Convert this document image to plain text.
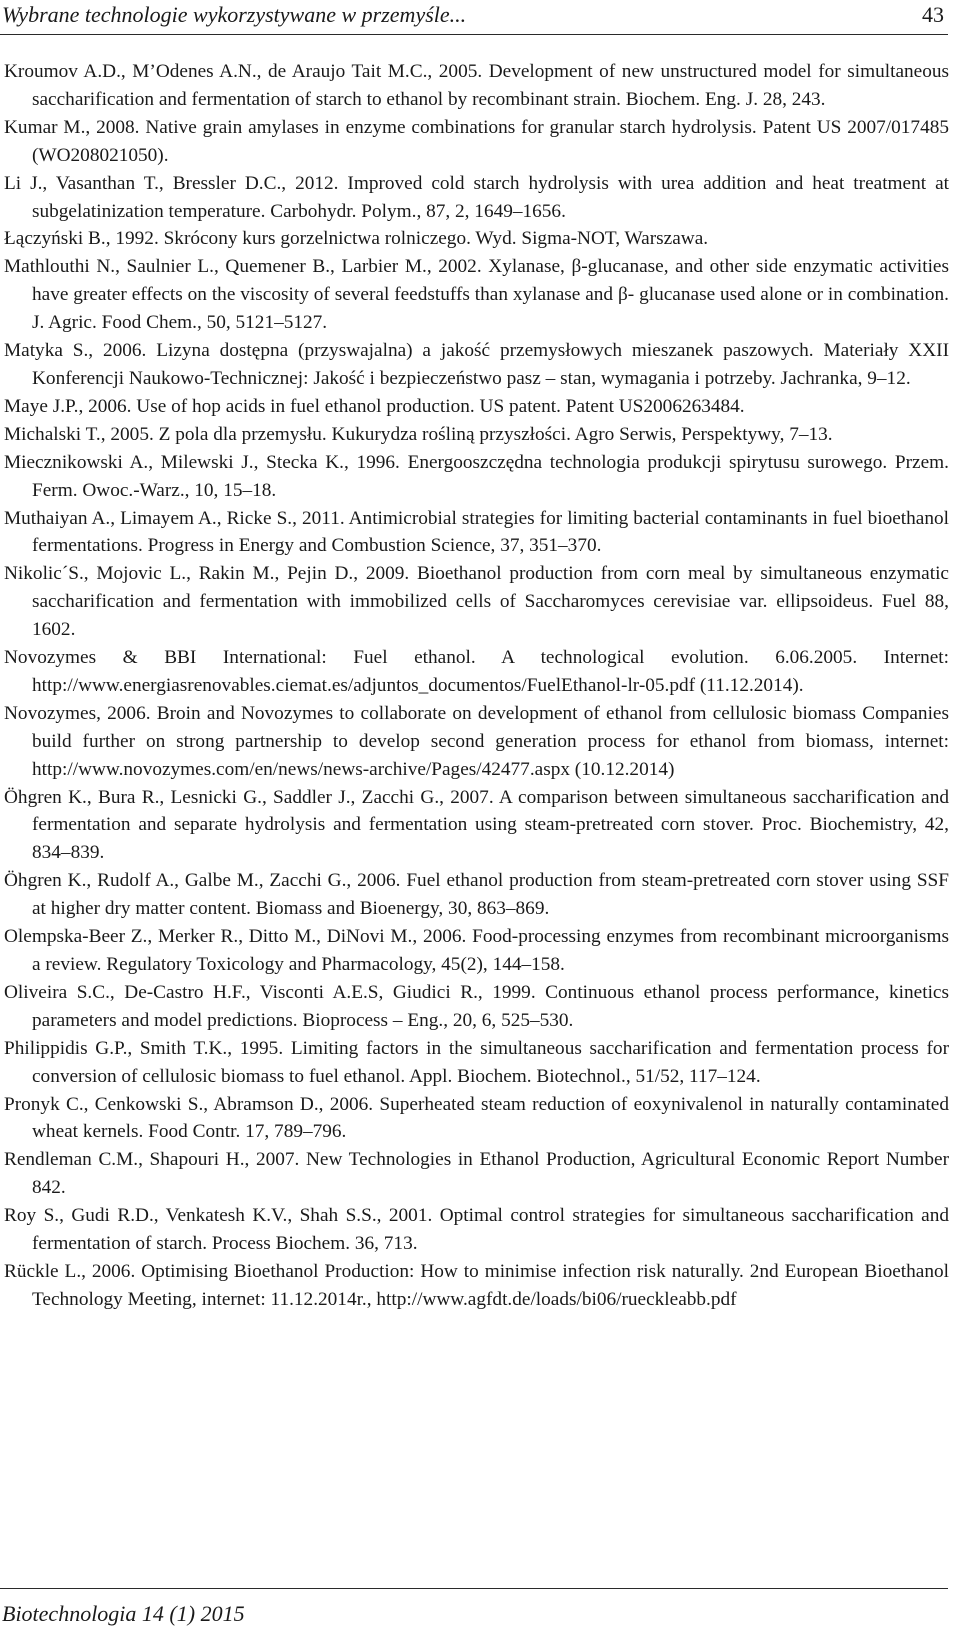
Wybrane technologie wykorzystywane w przemyśle...	43
Kroumov A.D., M’Odenes A.N., de Araujo Tait M.C., 2005. Development of new unstructured model for simultaneous saccharification and fermentation of starch to ethanol by recombinant strain. Biochem. Eng. J. 28, 243.
Kumar M., 2008. Native grain amylases in enzyme combinations for granular starch hydrolysis. Patent US 2007/017485 (WO208021050).
Li J., Vasanthan T., Bressler D.C., 2012. Improved cold starch hydrolysis with urea addition and heat treatment at subgelatinization temperature. Carbohydr. Polym., 87, 2, 1649–1656.
Łączyński B., 1992. Skrócony kurs gorzelnictwa rolniczego. Wyd. Sigma-NOT, Warszawa.
Mathlouthi N., Saulnier L., Quemener B., Larbier M., 2002. Xylanase, β-glucanase, and other side enzymatic activities have greater effects on the viscosity of several feedstuffs than xylanase and β- glucanase used alone or in combination. J. Agric. Food Chem., 50, 5121–5127.
Matyka S., 2006. Lizyna dostępna (przyswajalna) a jakość przemysłowych mieszanek paszowych. Materiały XXII Konferencji Naukowo-Technicznej: Jakość i bezpieczeństwo pasz – stan, wymagania i potrzeby. Jachranka, 9–12.
Maye J.P., 2006. Use of hop acids in fuel ethanol production. US patent. Patent US2006263484.
Michalski T., 2005. Z pola dla przemysłu. Kukurydza rośliną przyszłości. Agro Serwis, Perspektywy, 7–13.
Miecznikowski A., Milewski J., Stecka K., 1996. Energooszczędna technologia produkcji spirytusu surowego. Przem. Ferm. Owoc.-Warz., 10, 15–18.
Muthaiyan A., Limayem A., Ricke S., 2011. Antimicrobial strategies for limiting bacterial contaminants in fuel bioethanol fermentations. Progress in Energy and Combustion Science, 37, 351–370.
Nikolic´S., Mojovic L., Rakin M., Pejin D., 2009. Bioethanol production from corn meal by simultaneous enzymatic saccharification and fermentation with immobilized cells of Saccharomyces cerevisiae var. ellipsoideus. Fuel 88, 1602.
Novozymes & BBI International: Fuel ethanol. A technological evolution. 6.06.2005. Internet: http://www.energiasrenovables.ciemat.es/adjuntos_documentos/FuelEthanol-lr-05.pdf (11.12.2014).
Novozymes, 2006. Broin and Novozymes to collaborate on development of ethanol from cellulosic biomass Companies build further on strong partnership to develop second generation process for ethanol from biomass, internet: http://www.novozymes.com/en/news/news-archive/Pages/42477.aspx (10.12.2014)
Öhgren K., Bura R., Lesnicki G., Saddler J., Zacchi G., 2007. A comparison between simultaneous saccharification and fermentation and separate hydrolysis and fermentation using steam-pretreated corn stover. Proc. Biochemistry, 42, 834–839.
Öhgren K., Rudolf A., Galbe M., Zacchi G., 2006. Fuel ethanol production from steam-pretreated corn stover using SSF at higher dry matter content. Biomass and Bioenergy, 30, 863–869.
Olempska-Beer Z., Merker R., Ditto M., DiNovi M., 2006. Food-processing enzymes from recombinant microorganisms a review. Regulatory Toxicology and Pharmacology, 45(2), 144–158.
Oliveira S.C., De-Castro H.F., Visconti A.E.S, Giudici R., 1999. Continuous ethanol process performance, kinetics parameters and model predictions. Bioprocess – Eng., 20, 6, 525–530.
Philippidis G.P., Smith T.K., 1995. Limiting factors in the simultaneous saccharification and fermentation process for conversion of cellulosic biomass to fuel ethanol. Appl. Biochem. Biotechnol., 51/52, 117–124.
Pronyk C., Cenkowski S., Abramson D., 2006. Superheated steam reduction of eoxynivalenol in naturally contaminated wheat kernels. Food Contr. 17, 789–796.
Rendleman C.M., Shapouri H., 2007. New Technologies in Ethanol Production, Agricultural Economic Report Number 842.
Roy S., Gudi R.D., Venkatesh K.V., Shah S.S., 2001. Optimal control strategies for simultaneous saccharification and fermentation of starch. Process Biochem. 36, 713.
Rückle L., 2006. Optimising Bioethanol Production: How to minimise infection risk naturally. 2nd European Bioethanol Technology Meeting, internet: 11.12.2014r., http://www.agfdt.de/loads/bi06/rueckleabb.pdf
Biotechnologia 14 (1) 2015
